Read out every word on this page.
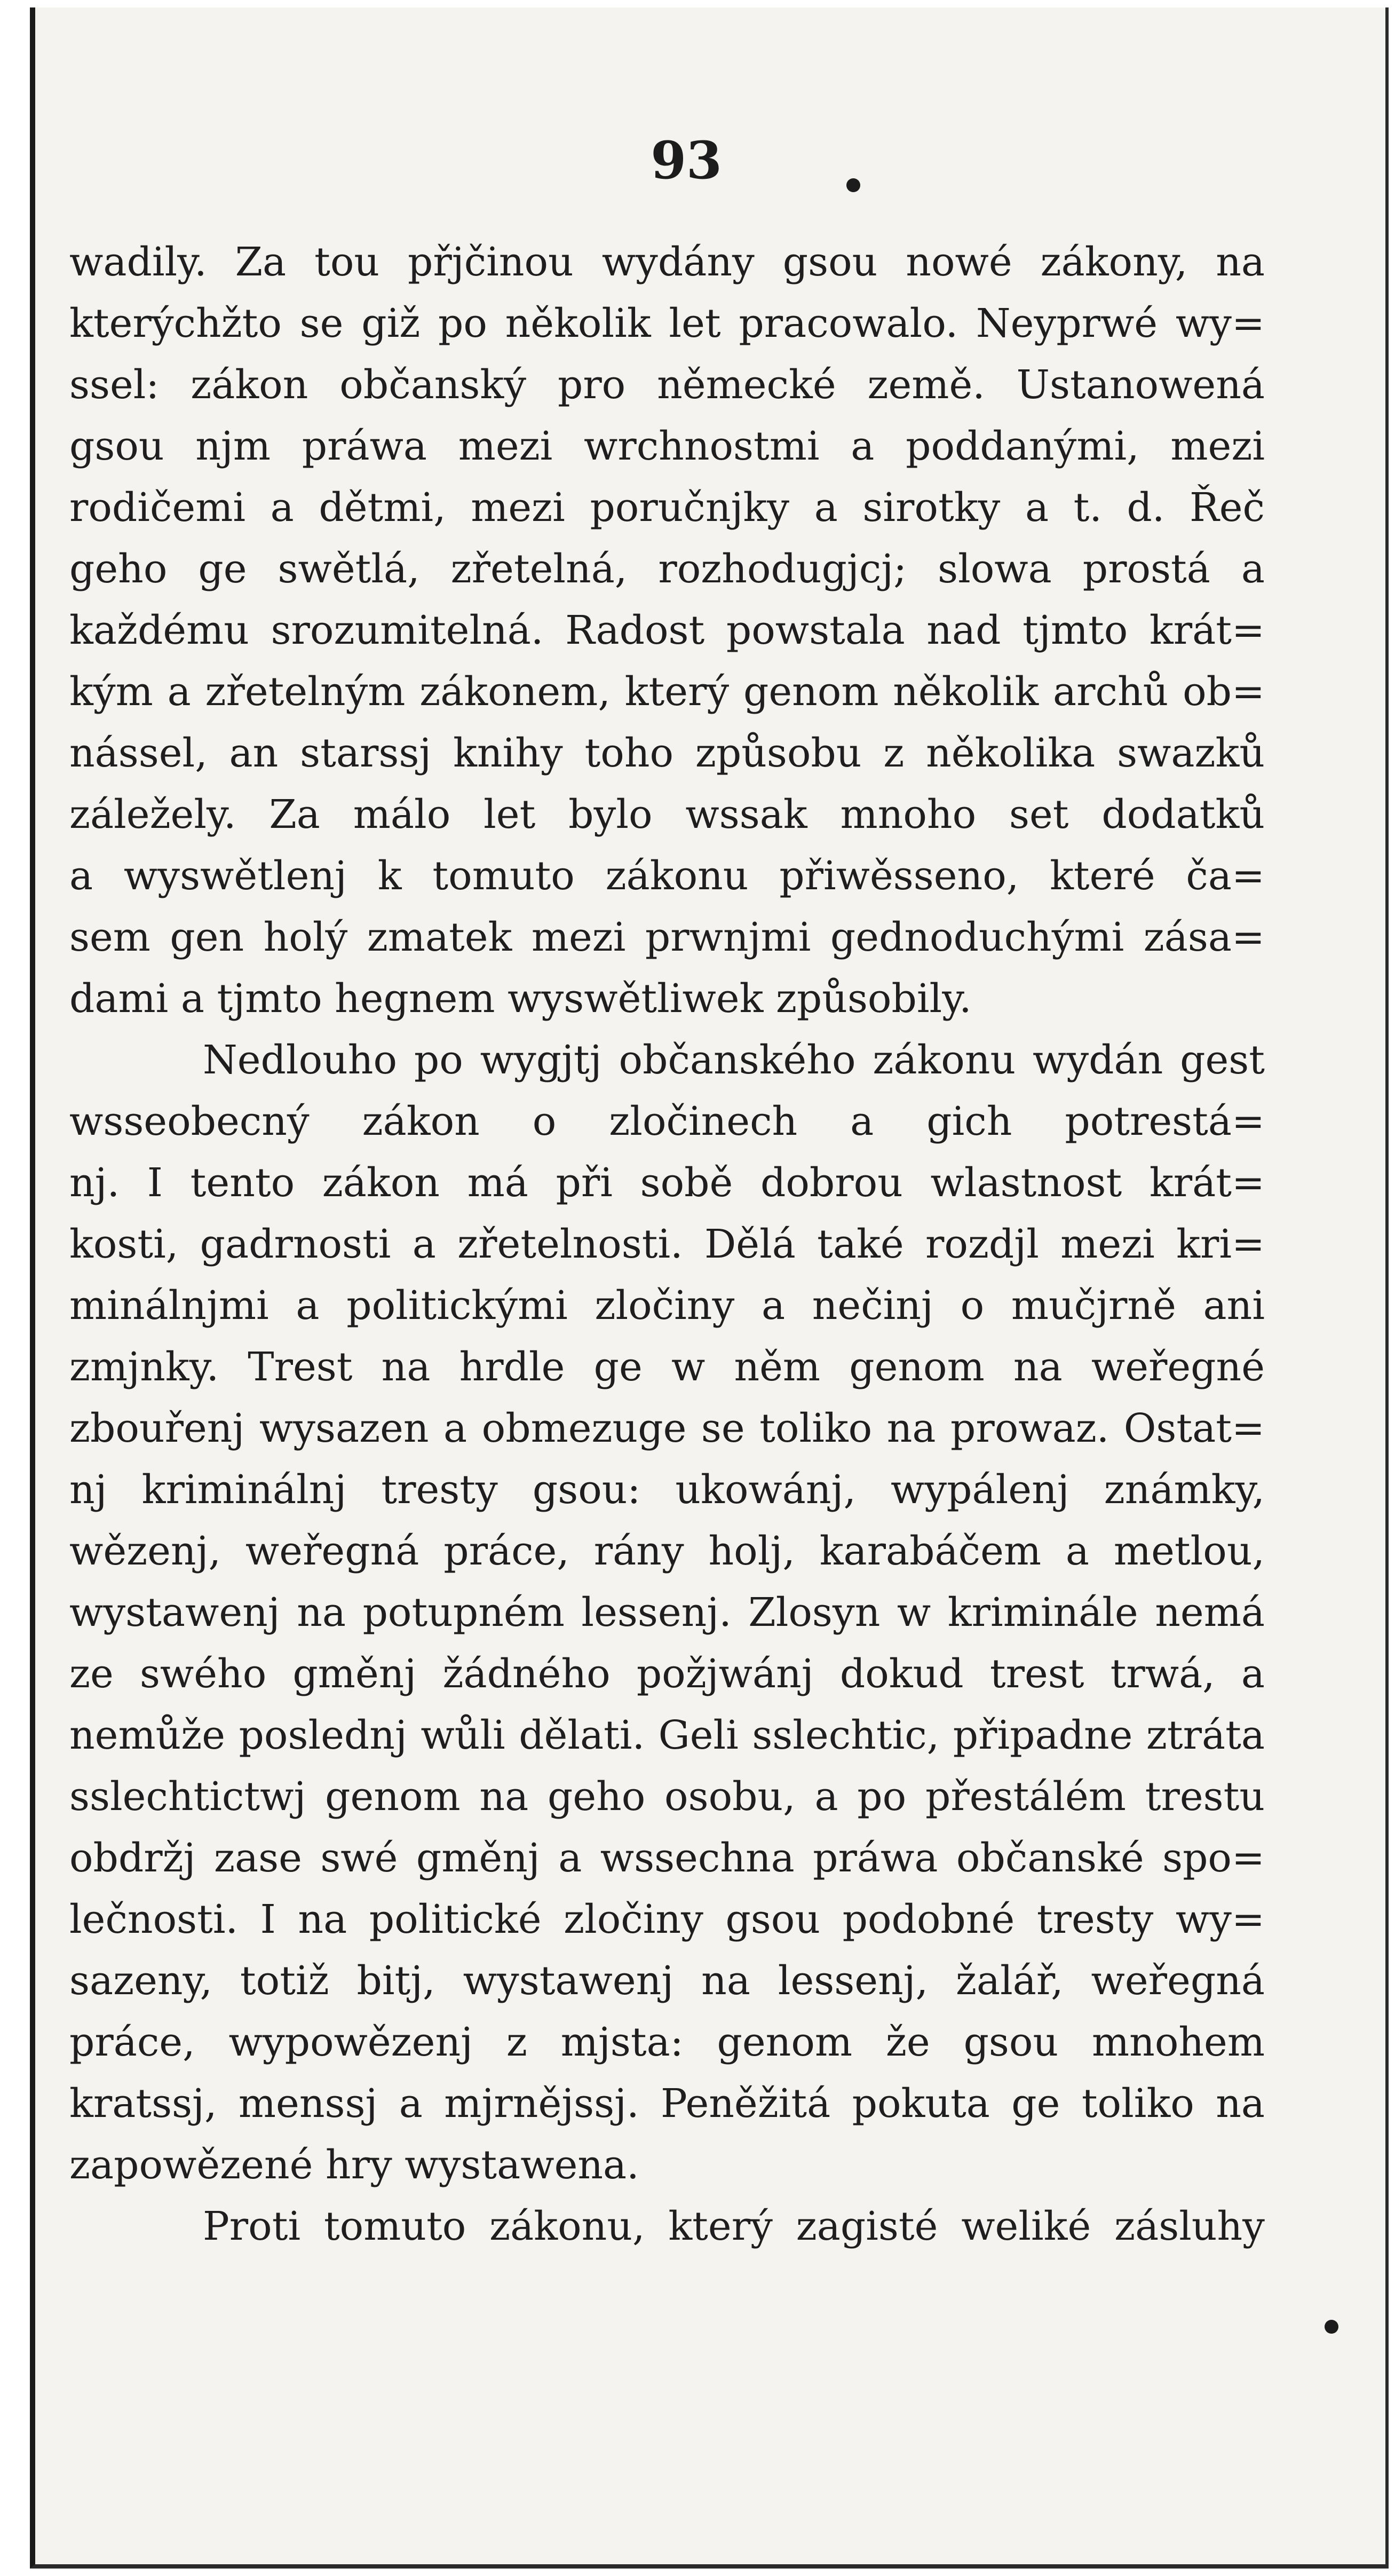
93
wadily. Za tou přjčinou wydány gsou nowé zákony, na
kterýchžto se giž po několik let pracowalo. Neyprwé wy=
ssel: zákon občanský pro německé země. Ustanowená
gsou njm práwa mezi wrchnostmi a poddanými, mezi
rodičemi a dětmi, mezi poručnjky a sirotky a t. d. Řeč
geho ge swětlá, zřetelná, rozhodugjcj; slowa prostá a
každému srozumitelná. Radost powstala nad tjmto krát=
kým a zřetelným zákonem, který genom několik archů ob=
nássel, an starssj knihy toho způsobu z několika swazků
záležely. Za málo let bylo wssak mnoho set dodatků
a wyswětlenj k tomuto zákonu přiwěsseno, které ča=
sem gen holý zmatek mezi prwnjmi gednoduchými zása=
dami a tjmto hegnem wyswětliwek způsobily.
Nedlouho po wygjtj občanského zákonu wydán gest
wsseobecný zákon o zločinech a gich potrestá=
nj. I tento zákon má při sobě dobrou wlastnost krát=
kosti, gadrnosti a zřetelnosti. Dělá také rozdjl mezi kri=
minálnjmi a politickými zločiny a nečinj o mučjrně ani
zmjnky. Trest na hrdle ge w něm genom na weřegné
zbouřenj wysazen a obmezuge se toliko na prowaz. Ostat=
nj kriminálnj tresty gsou: ukowánj, wypálenj známky,
wězenj, weřegná práce, rány holj, karabáčem a metlou,
wystawenj na potupném lessenj. Zlosyn w kriminále nemá
ze swého gměnj žádného požjwánj dokud trest trwá, a
nemůže poslednj wůli dělati. Geli sslechtic, připadne ztráta
sslechtictwj genom na geho osobu, a po přestálém trestu
obdržj zase swé gměnj a wssechna práwa občanské spo=
lečnosti. I na politické zločiny gsou podobné tresty wy=
sazeny, totiž bitj, wystawenj na lessenj, žalář, weřegná
práce, wypowězenj z mjsta: genom že gsou mnohem
kratssj, menssj a mjrnějssj. Peněžitá pokuta ge toliko na
zapowězené hry wystawena.
Proti tomuto zákonu, který zagisté weliké zásluhy
